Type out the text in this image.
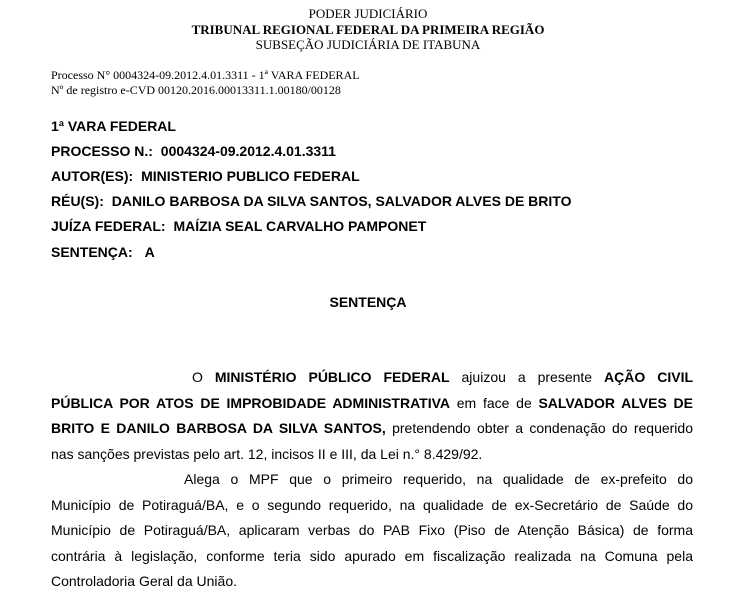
PODER JUDICIÁRIO
TRIBUNAL REGIONAL FEDERAL DA PRIMEIRA REGIÃO
SUBSEÇÃO JUDICIÁRIA DE ITABUNA
Processo N° 0004324-09.2012.4.01.3311 - 1ª VARA FEDERAL
Nº de registro e-CVD 00120.2016.00013311.1.00180/00128
1ª VARA FEDERAL
PROCESSO N.: 0004324-09.2012.4.01.3311
AUTOR(ES): MINISTERIO PUBLICO FEDERAL
RÉU(S): DANILO BARBOSA DA SILVA SANTOS, SALVADOR ALVES DE BRITO
JUÍZA FEDERAL: MAÍZIA SEAL CARVALHO PAMPONET
SENTENÇA: A
SENTENÇA
O MINISTÉRIO PÚBLICO FEDERAL ajuizou a presente AÇÃO CIVIL
PÚBLICA POR ATOS DE IMPROBIDADE ADMINISTRATIVA em face de SALVADOR ALVES DE
BRITO E DANILO BARBOSA DA SILVA SANTOS, pretendendo obter a condenação do requerido
nas sanções previstas pelo art. 12, incisos II e III, da Lei n.° 8.429/92.
Alega o MPF que o primeiro requerido, na qualidade de ex-prefeito do
Município de Potiraguá/BA, e o segundo requerido, na qualidade de ex-Secretário de Saúde do
Município de Potiraguá/BA, aplicaram verbas do PAB Fixo (Piso de Atenção Básica) de forma
contrária à legislação, conforme teria sido apurado em fiscalização realizada na Comuna pela
Controladoria Geral da União.
